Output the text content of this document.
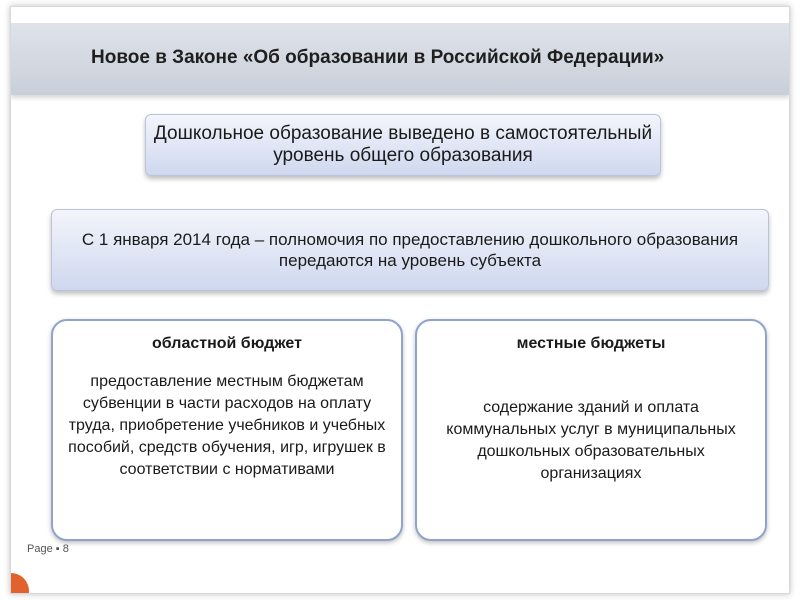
Новое в Законе «Об образовании в Российской Федерации»
Дошкольное образование выведено в самостоятельный уровень общего образования
С 1 января 2014 года – полномочия по предоставлению дошкольного образования передаются на уровень субъекта
областной бюджет
предоставление местным бюджетам субвенции в части расходов на оплату труда, приобретение учебников и учебных пособий, средств обучения, игр, игрушек в соответствии с нормативами
местные бюджеты
содержание зданий и оплата коммунальных услуг в муниципальных дошкольных образовательных организациях
Page ▪ 8
